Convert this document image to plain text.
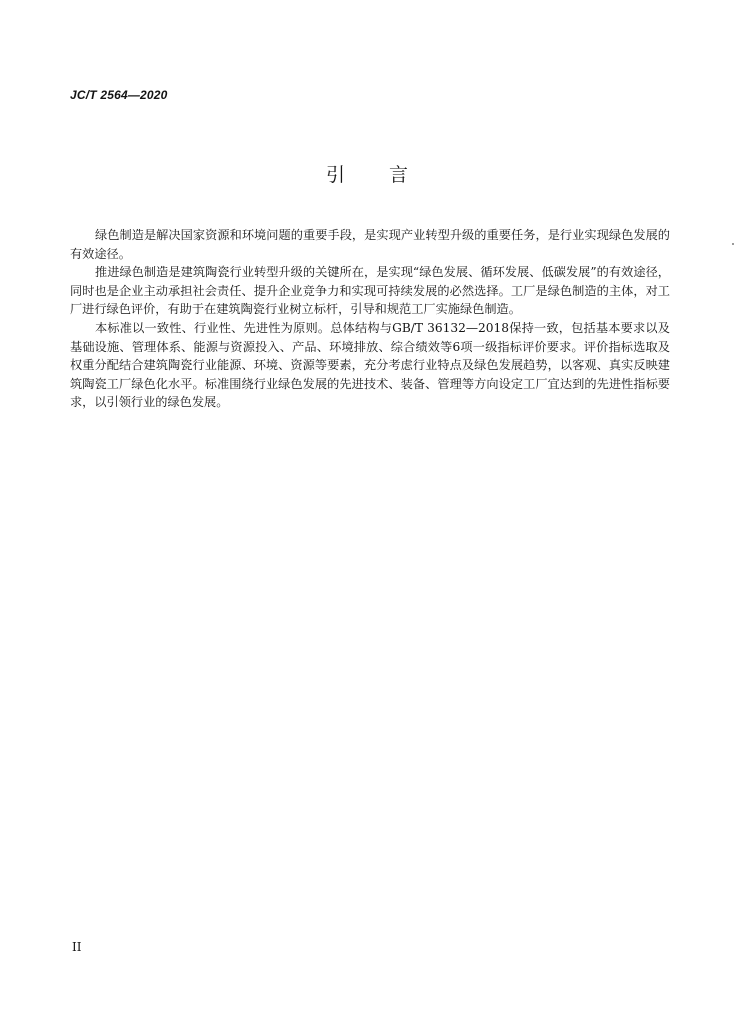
JC/T 2564—2020
引言

绿色制造是解决国家资源和环境问题的重要手段，是实现产业转型升级的重要任务，是行业实现绿色发展的有效途径。

推进绿色制造是建筑陶瓷行业转型升级的关键所在，是实现“绿色发展、循环发展、低碳发展”的有效途径，同时也是企业主动承担社会责任、提升企业竞争力和实现可持续发展的必然选择。工厂是绿色制造的主体，对工厂进行绿色评价，有助于在建筑陶瓷行业树立标杆，引导和规范工厂实施绿色制造。

本标准以一致性、行业性、先进性为原则。总体结构与GB/T 36132—2018保持一致，包括基本要求以及基础设施、管理体系、能源与资源投入、产品、环境排放、综合绩效等6项一级指标评价要求。评价指标选取及权重分配结合建筑陶瓷行业能源、环境、资源等要素，充分考虑行业特点及绿色发展趋势，以客观、真实反映建筑陶瓷工厂绿色化水平。标准围绕行业绿色发展的先进技术、装备、管理等方向设定工厂宜达到的先进性指标要求，以引领行业的绿色发展。

II
